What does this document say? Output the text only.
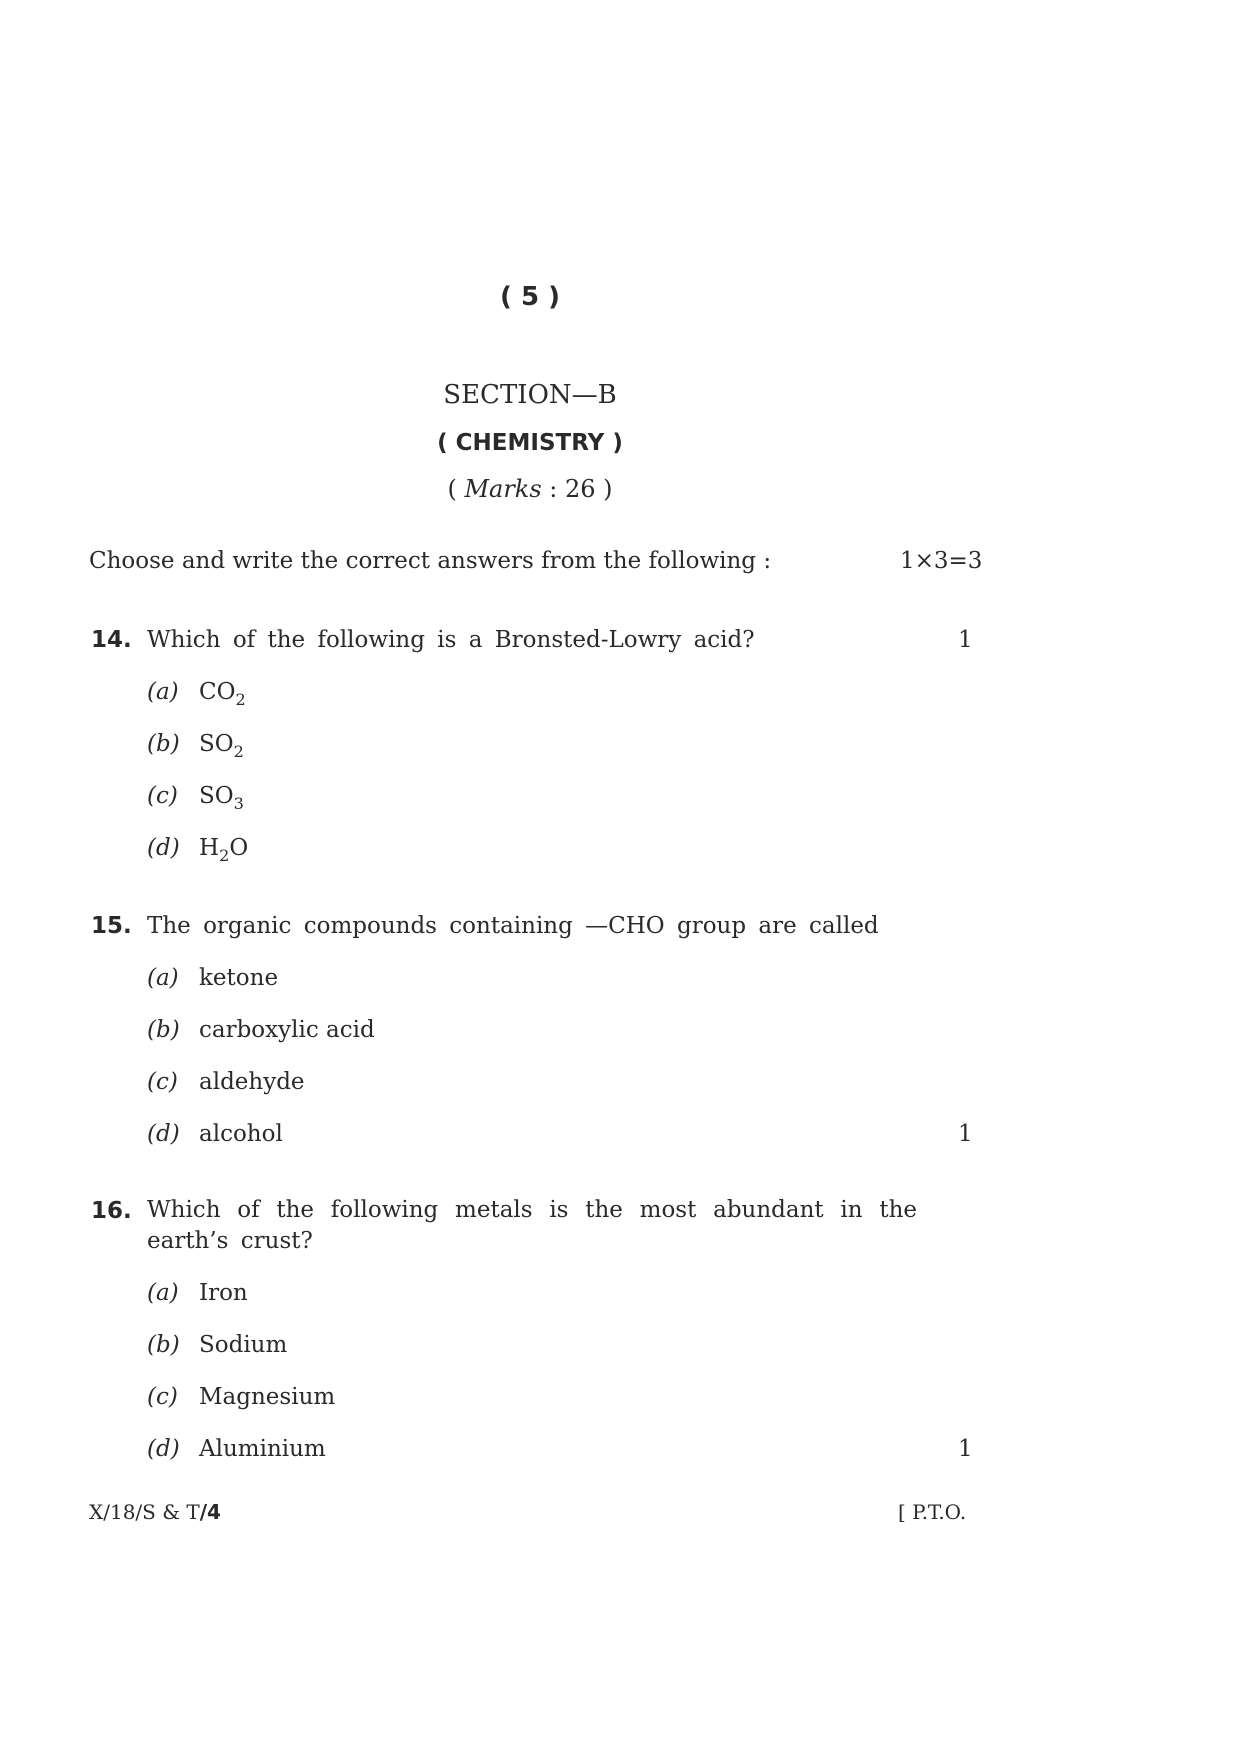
( 5 )
SECTION—B
( CHEMISTRY )
( Marks : 26 )
Choose and write the correct answers from the following :	1×3=3
14. Which of the following is a Bronsted-Lowry acid?	1
(a) $CO_2$
(b) $SO_2$
(c) $SO_3$
(d) $H_2O$
15. The organic compounds containing —CHO group are called
(a) ketone
(b) carboxylic acid
(c) aldehyde
(d) alcohol	1
16. Which of the following metals is the most abundant in the earth’s crust?
(a) Iron
(b) Sodium
(c) Magnesium
(d) Aluminium	1
X/18/S & T/4	[ P.T.O.
